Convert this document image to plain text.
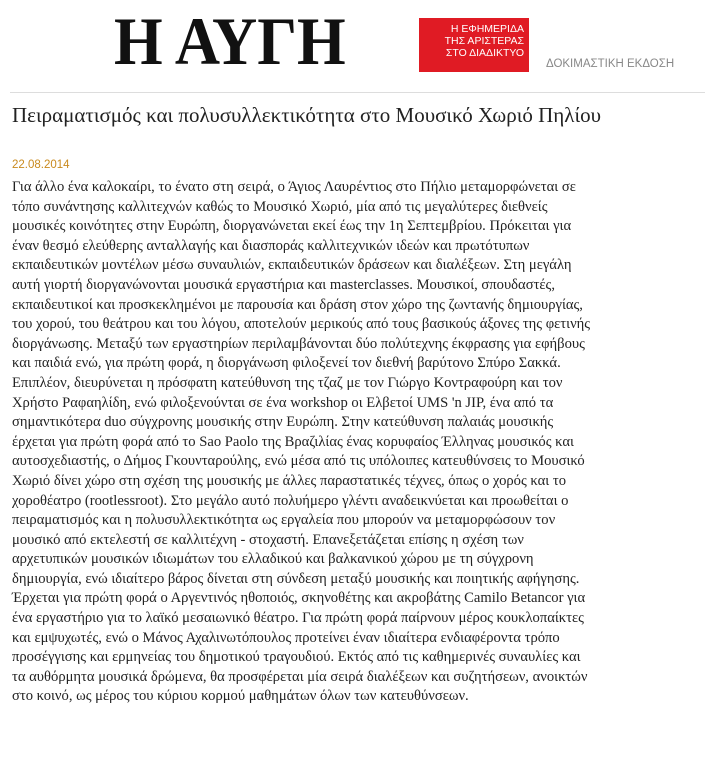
Η ΑΥΓΗ	Η ΕΦΗΜΕΡΙΔΑ
ΤΗΣ ΑΡΙΣΤΕΡΑΣ
ΣΤΟ ΔΙΑΔΙΚΤΥΟ
ΔΟΚΙΜΑΣΤΙΚΗ ΕΚΔΟΣΗ
Πειραματισμός και πολυσυλλεκτικότητα στο Μουσικό Χωριό Πηλίου
22.08.2014

Για άλλο ένα καλοκαίρι, το ένατο στη σειρά, ο Άγιος Λαυρέντιος στο Πήλιο μεταμορφώνεται σε
τόπο συνάντησης καλλιτεχνών καθώς το Μουσικό Χωριό, μία από τις μεγαλύτερες διεθνείς
μουσικές κοινότητες στην Ευρώπη, διοργανώνεται εκεί έως την 1η Σεπτεμβρίου. Πρόκειται για
έναν θεσμό ελεύθερης ανταλλαγής και διασποράς καλλιτεχνικών ιδεών και πρωτότυπων
εκπαιδευτικών μοντέλων μέσω συναυλιών, εκπαιδευτικών δράσεων και διαλέξεων. Στη μεγάλη
αυτή γιορτή διοργανώνονται μουσικά εργαστήρια και masterclasses. Μουσικοί, σπουδαστές,
εκπαιδευτικοί και προσκεκλημένοι με παρουσία και δράση στον χώρο της ζωντανής δημιουργίας,
του χορού, του θεάτρου και του λόγου, αποτελούν μερικούς από τους βασικούς άξονες της φετινής
διοργάνωσης. Μεταξύ των εργαστηρίων περιλαμβάνονται δύο πολύτεχνης έκφρασης για εφήβους
και παιδιά ενώ, για πρώτη φορά, η διοργάνωση φιλοξενεί τον διεθνή βαρύτονο Σπύρο Σακκά.
Επιπλέον, διευρύνεται η πρόσφατη κατεύθυνση της τζαζ με τον Γιώργο Κοντραφούρη και τον
Χρήστο Ραφαηλίδη, ενώ φιλοξενούνται σε ένα workshop οι Ελβετοί UMS 'n JIP, ένα από τα
σημαντικότερα duo σύγχρονης μουσικής στην Ευρώπη. Στην κατεύθυνση παλαιάς μουσικής
έρχεται για πρώτη φορά από το Sao Paolo της Βραζιλίας ένας κορυφαίος Έλληνας μουσικός και
αυτοσχεδιαστής, ο Δήμος Γκουνταρούλης, ενώ μέσα από τις υπόλοιπες κατευθύνσεις το Μουσικό
Χωριό δίνει χώρο στη σχέση της μουσικής με άλλες παραστατικές τέχνες, όπως ο χορός και το
χοροθέατρο (rootlessroot). Στο μεγάλο αυτό πολυήμερο γλέντι αναδεικνύεται και προωθείται ο
πειραματισμός και η πολυσυλλεκτικότητα ως εργαλεία που μπορούν να μεταμορφώσουν τον
μουσικό από εκτελεστή σε καλλιτέχνη - στοχαστή. Επανεξετάζεται επίσης η σχέση των
αρχετυπικών μουσικών ιδιωμάτων του ελλαδικού και βαλκανικού χώρου με τη σύγχρονη
δημιουργία, ενώ ιδιαίτερο βάρος δίνεται στη σύνδεση μεταξύ μουσικής και ποιητικής αφήγησης.
Έρχεται για πρώτη φορά ο Αργεντινός ηθοποιός, σκηνοθέτης και ακροβάτης Camilo Betancor για
ένα εργαστήριο για το λαϊκό μεσαιωνικό θέατρο. Για πρώτη φορά παίρνουν μέρος κουκλοπαίκτες
και εμψυχωτές, ενώ ο Μάνος Αχαλινωτόπουλος προτείνει έναν ιδιαίτερα ενδιαφέροντα τρόπο
προσέγγισης και ερμηνείας του δημοτικού τραγουδιού. Εκτός από τις καθημερινές συναυλίες και
τα αυθόρμητα μουσικά δρώμενα, θα προσφέρεται μία σειρά διαλέξεων και συζητήσεων, ανοικτών
στο κοινό, ως μέρος του κύριου κορμού μαθημάτων όλων των κατευθύνσεων.
